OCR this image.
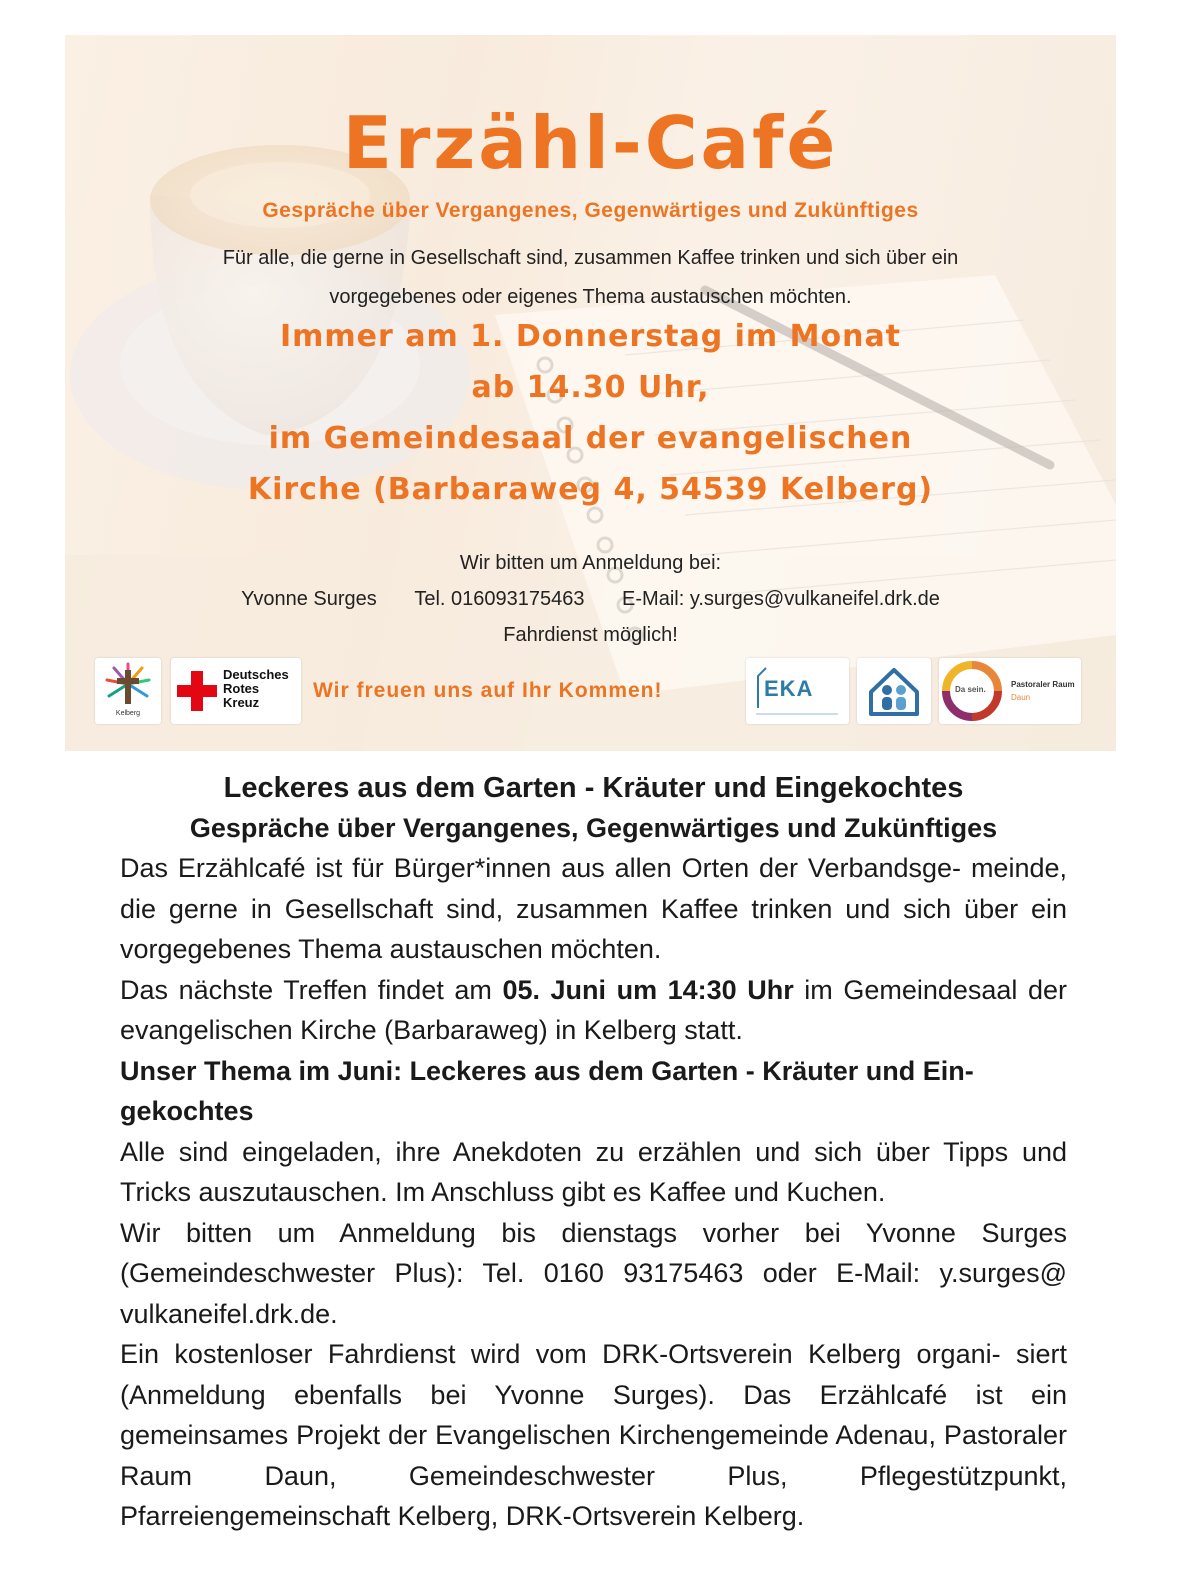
Erzähl-Café
Gespräche über Vergangenes, Gegenwärtiges und Zukünftiges
Für alle, die gerne in Gesellschaft sind, zusammen Kaffee trinken und sich über ein
vorgegebenes oder eigenes Thema austauschen möchten.
Immer am 1. Donnerstag im Monat
ab 14.30 Uhr,
im Gemeindesaal der evangelischen
Kirche (Barbaraweg 4, 54539 Kelberg)
Wir bitten um Anmeldung bei:
Yvonne Surges Tel. 016093175463 E-Mail: y.surges@vulkaneifel.drk.de
Fahrdienst möglich!
Kelberg
Deutsches
Rotes
Kreuz
Wir freuen uns auf Ihr Kommen!	EKA	Da sein.
Pastoraler Raum
Daun
Leckeres aus dem Garten - Kräuter und Eingekochtes
Gespräche über Vergangenes, Gegenwärtiges und Zukünftiges

Das Erzählcafé ist für Bürger*innen aus allen Orten der Verbandsge- meinde, die gerne in Gesellschaft sind, zusammen Kaffee trinken und sich über ein vorgegebenes Thema austauschen möchten.

Das nächste Treffen findet am 05. Juni um 14:30 Uhr im Gemeindesaal der evangelischen Kirche (Barbaraweg) in Kelberg statt.

Unser Thema im Juni: Leckeres aus dem Garten - Kräuter und Ein- gekochtes

Alle sind eingeladen, ihre Anekdoten zu erzählen und sich über Tipps und Tricks auszutauschen. Im Anschluss gibt es Kaffee und Kuchen.

Wir bitten um Anmeldung bis dienstags vorher bei Yvonne Surges (Gemeindeschwester Plus): Tel. 0160 93175463 oder E-Mail: y.surges@ vulkaneifel.drk.de.

Ein kostenloser Fahrdienst wird vom DRK-Ortsverein Kelberg organi- siert (Anmeldung ebenfalls bei Yvonne Surges). Das Erzählcafé ist ein gemeinsames Projekt der Evangelischen Kirchengemeinde Adenau, Pastoraler Raum Daun, Gemeindeschwester Plus, Pflegestützpunkt, Pfarreiengemeinschaft Kelberg, DRK-Ortsverein Kelberg.
